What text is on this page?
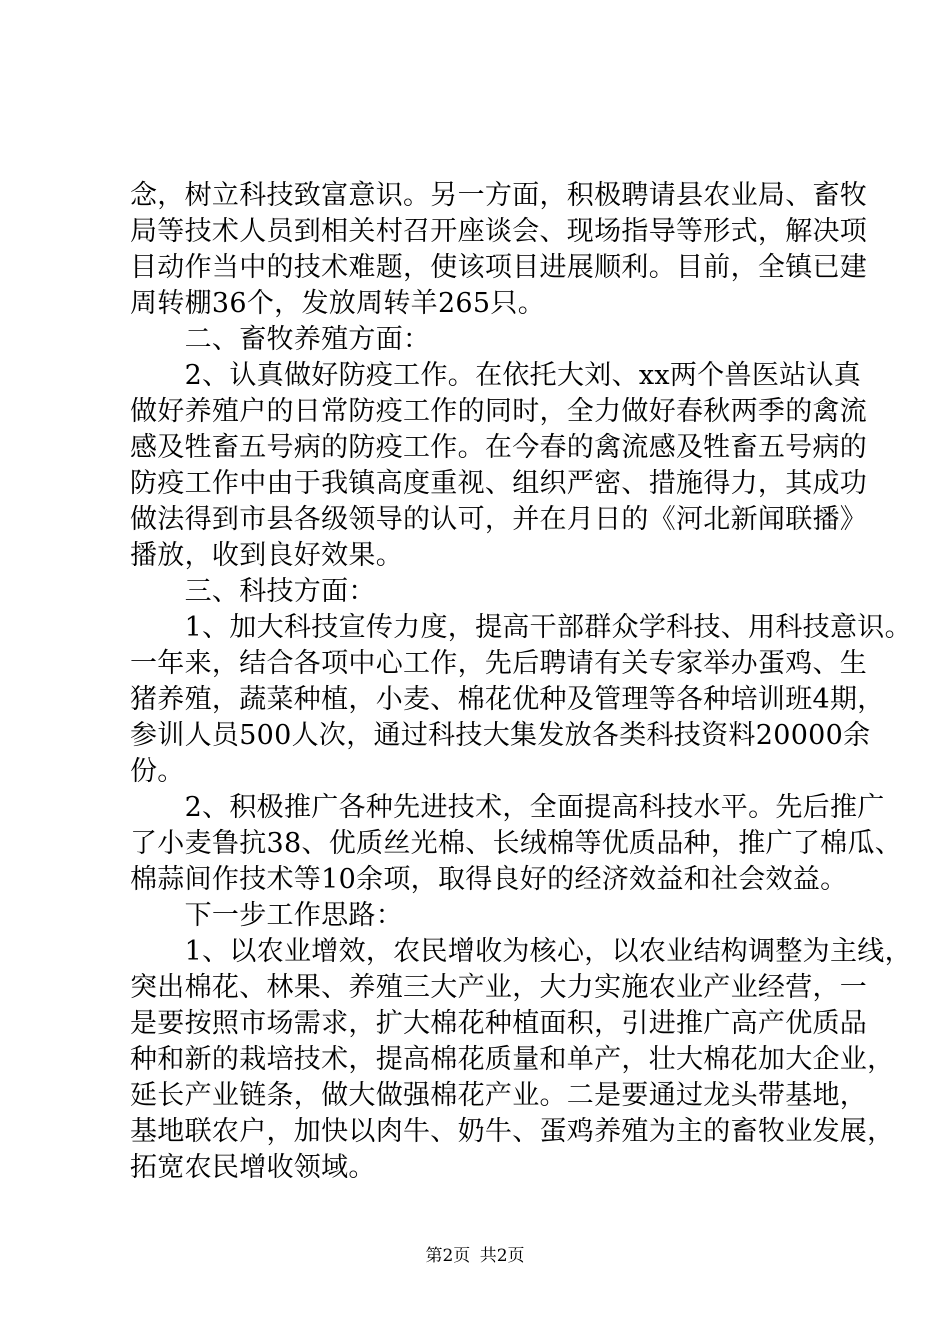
念，树立科技致富意识。另一方面，积极聘请县农业局、畜牧
局等技术人员到相关村召开座谈会、现场指导等形式，解决项
目动作当中的技术难题，使该项目进展顺利。目前，全镇已建
周转棚36个，发放周转羊265只。
　　二、畜牧养殖方面：
　　2、认真做好防疫工作。在依托大刘、xx两个兽医站认真
做好养殖户的日常防疫工作的同时，全力做好春秋两季的禽流
感及牲畜五号病的防疫工作。在今春的禽流感及牲畜五号病的
防疫工作中由于我镇高度重视、组织严密、措施得力，其成功
做法得到市县各级领导的认可，并在月日的《河北新闻联播》
播放，收到良好效果。
　　三、科技方面：
　　1、加大科技宣传力度，提高干部群众学科技、用科技意识。
一年来，结合各项中心工作，先后聘请有关专家举办蛋鸡、生
猪养殖，蔬菜种植，小麦、棉花优种及管理等各种培训班4期，
参训人员500人次，通过科技大集发放各类科技资料20000余
份。
　　2、积极推广各种先进技术，全面提高科技水平。先后推广
了小麦鲁抗38、优质丝光棉、长绒棉等优质品种，推广了棉瓜、
棉蒜间作技术等10余项，取得良好的经济效益和社会效益。
　　下一步工作思路：
　　1、以农业增效，农民增收为核心，以农业结构调整为主线，
突出棉花、林果、养殖三大产业，大力实施农业产业经营，一
是要按照市场需求，扩大棉花种植面积，引进推广高产优质品
种和新的栽培技术，提高棉花质量和单产，壮大棉花加大企业，
延长产业链条，做大做强棉花产业。二是要通过龙头带基地，
基地联农户，加快以肉牛、奶牛、蛋鸡养殖为主的畜牧业发展，
拓宽农民增收领域。
第2页 共2页
